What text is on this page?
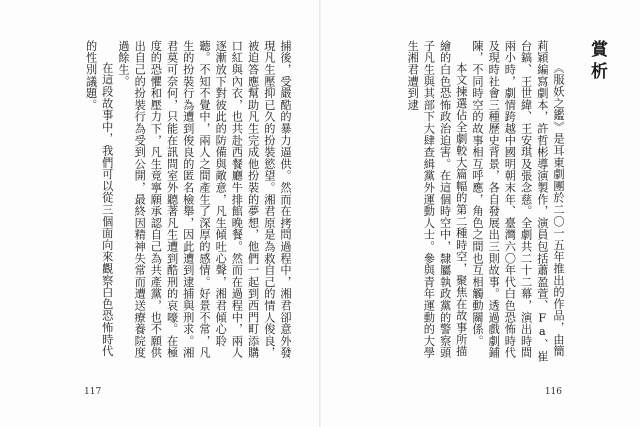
捕後，受嚴酷的暴力逼供。然而在拷問過程中，湘君卻意外發現凡生壓抑已久的扮裝慾望。湘君原是為救自己的情人俊良，被迫答應幫助凡生完成他扮裝的夢想，他們一起到西門町添購口紅與內衣，也共赴西餐廳牛排館晚餐。然而在過程中，兩人逐漸放下對彼此的防備與敵意，凡生傾吐心聲，湘君傾心聆聽。不知不覺中，兩人之間產生了深厚的感情。好景不常，凡生的扮裝行為遭到俊良的匿名檢舉，因此遭到逮捕與刑求。湘君莫可奈何，只能在訊問室外聽著凡生遭到酷刑的哀嚎。在極度的恐懼和壓力下，凡生竟寧願承認自己為共產黨，也不願供出自己的扮裝行為受到公開，最終因精神失常而遭送療養院度過餘生。
在這段故事中，我們可以從三個面向來觀察白色恐怖時代的性別議題。
117
賞析
《服妖之鑑》是耳東劇團於二〇一五年推出的作品，由簡莉穎編寫劇本，許哲彬導演製作，演員包括蕭盈萱、Fa、崔台鎬、王世緯、王安琪及張念慈。全劇共二十二幕，演出時間兩小時，劇情跨越中國明朝末年、臺灣六〇年代白色恐怖時代及現時社會三種歷史背景，各自發展出三則故事。透過戲劇鋪陳，不同時空的故事相互呼應，角色之間也互相觸動關係。
本文揀選佔全劇較大篇幅的第二種時空，聚焦在故事所描繪的白色恐怖政治迫害。在這個時空中，隸屬執政黨的警察頭子凡生與其部下大肆查緝黨外運動人士。參與青年運動的大學生湘君遭到逮
116
